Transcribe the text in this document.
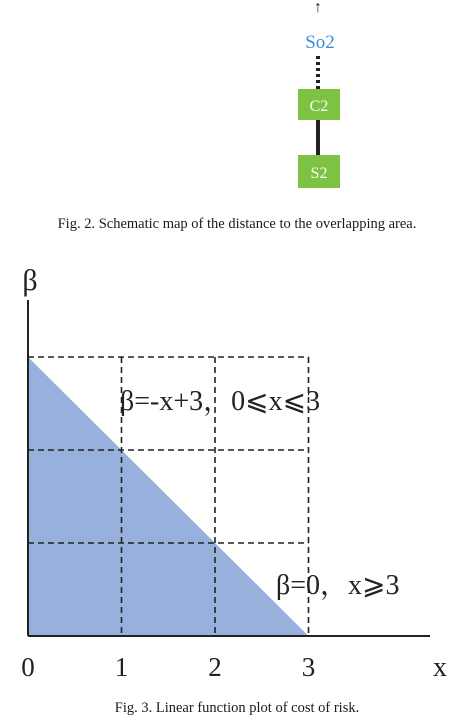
↑
So2
C2
S2
Fig. 2. Schematic map of the distance to the overlapping area.
β
x
0	1	2	3
β=-x+3，0⩽x⩽3
β=0，x⩾3
Fig. 3. Linear function plot of cost of risk.
